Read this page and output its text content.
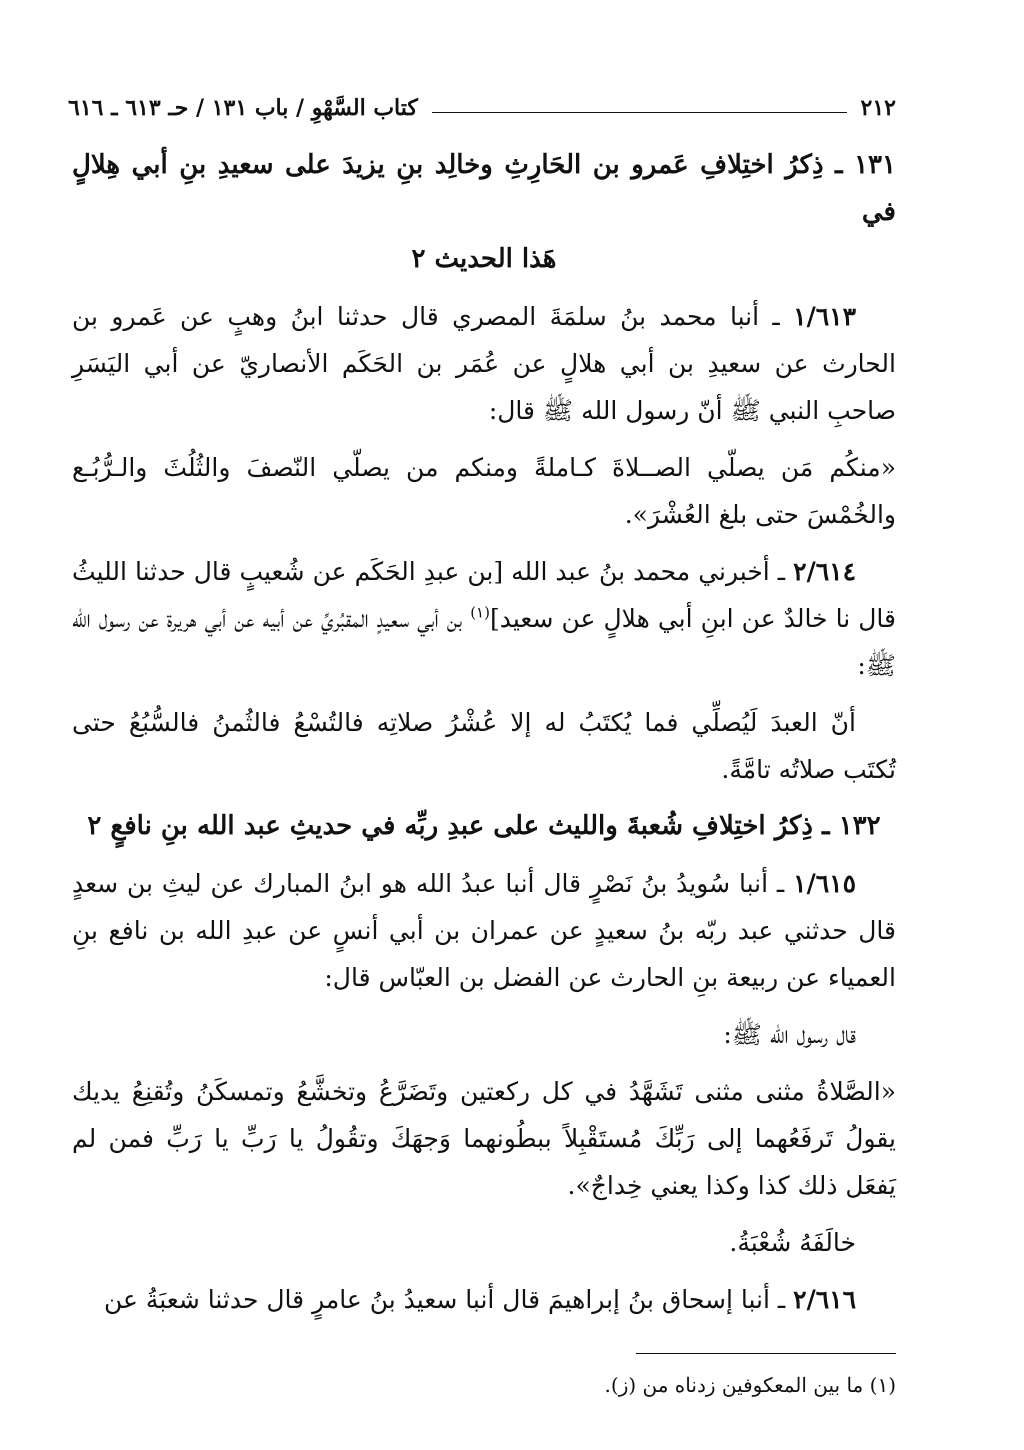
٢١٢
كتاب السَّهْوِ / باب ١٣١ / حـ ٦١٣ ـ ٦١٦
١٣١ ـ ذِكرُ اختِلافِ عَمرو بن الحَارِثِ وخالِد بنِ يزيدَ على سعيدِ بنِ أبي هِلالٍ في
هَذا الحديث ٢
١/٦١٣ ـ أنبا محمد بنُ سلمَةَ المصري قال حدثنا ابنُ وهبٍ عن عَمرو بن الحارث عن سعيدِ بن أبي هلالٍ عن عُمَر بن الحَكَم الأنصاريّ عن أبي اليَسَرِ صاحبِ النبي ﷺ أنّ رسول الله ﷺ قال:
«منكُم مَن يصلّي الصــلاةَ كـاملةً ومنكم من يصلّي النّصفَ والثُلُثَ والـرُّبُـع والخُمْسَ حتى بلغ العُشْرَ».
٢/٦١٤ ـ أخبرني محمد بنُ عبد الله [بن عبدِ الحَكَم عن شُعيبٍ قال حدثنا الليثُ قال نا خالدٌ عن ابنِ أبي هلالٍ عن سعيد]$^{(١)}$ بن أبي سعيدٍ المقبُريِّ عن أبيه عن أبي هريرة عن رسول الله ﷺ:
أنّ العبدَ لَيُصلِّي فما يُكتَبُ له إلا عُشْرُ صلاتِه فالتُسْعُ فالثُمنُ فالسُّبُعُ حتى تُكتَب صلاتُه تامَّةً.
١٣٢ ـ ذِكرُ اختِلافِ شُعبةَ والليث على عبدِ ربِّه في حديثِ عبد الله بنِ نافعٍ ٢
١/٦١٥ ـ أنبا سُويدُ بنُ نَصْرٍ قال أنبا عبدُ الله هو ابنُ المبارك عن ليثِ بن سعدٍ قال حدثني عبد ربّه بنُ سعيدٍ عن عمران بن أبي أنسٍ عن عبدِ الله بن نافع بنِ العمياء عن ربيعة بنِ الحارث عن الفضل بن العبّاس قال:
قال رسول الله ﷺ:
«الصَّلاةُ مثنى مثنى تَشَهَّدُ في كل ركعتين وتَضَرَّعُ وتخشَّعُ وتمسكَنُ وتُقنِعُ يديك يقولُ تَرفَعُهما إلى رَبِّكَ مُستَقْبِلاً ببطُونهما وَجهَكَ وتقُولُ يا رَبِّ يا رَبِّ فمن لم يَفعَل ذلك كذا وكذا يعني خِداجٌ».
خالَفَهُ شُعْبَةُ.
٢/٦١٦ ـ أنبا إسحاق بنُ إبراهيمَ قال أنبا سعيدُ بنُ عامرٍ قال حدثنا شعبَةُ عن
(١) ما بين المعكوفين زدناه من (ز).
